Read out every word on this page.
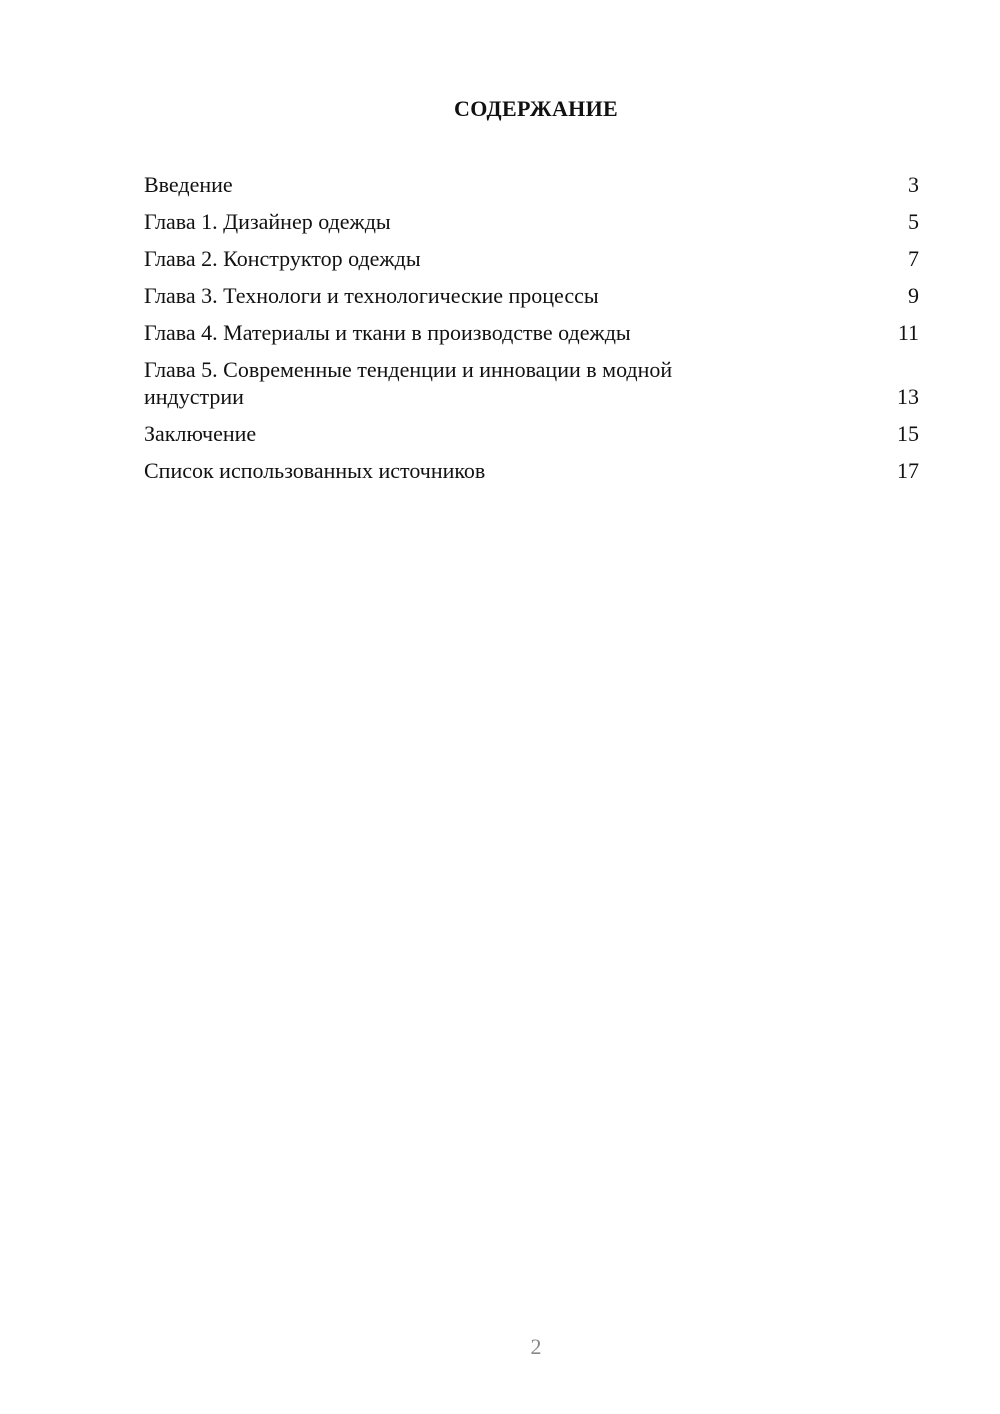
СОДЕРЖАНИЕ
Введение	3
Глава 1. Дизайнер одежды	5
Глава 2. Конструктор одежды	7
Глава 3. Технологи и технологические процессы	9
Глава 4. Материалы и ткани в производстве одежды	11
Глава 5. Современные тенденции и инновации в модной индустрии	13
Заключение	15
Список использованных источников	17
2
